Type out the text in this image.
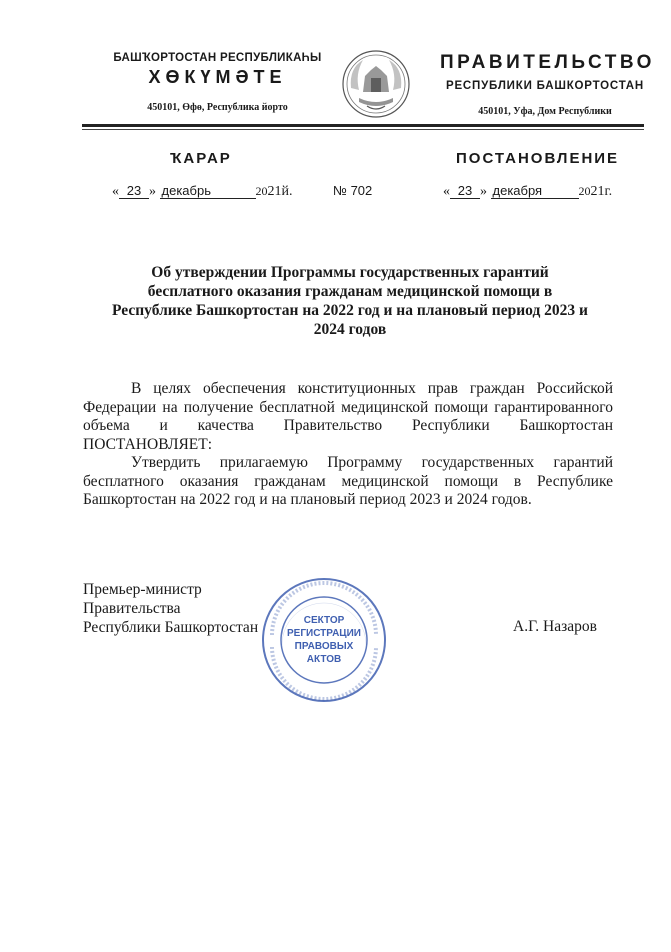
БАШҠОРТОСТАН РЕСПУБЛИКАҺЫ
ХӨКҮМӘТЕ
450101, Өфө, Республика йорто
ПРАВИТЕЛЬСТВО
РЕСПУБЛИКИ БАШКОРТОСТАН
450101, Уфа, Дом Республики
ҠАРАР	ПОСТАНОВЛЕНИЕ
« 23 » декабрь	2021й.	№ 702	« 23 » декабря	2021г.
Об утверждении Программы государственных гарантий бесплатного оказания гражданам медицинской помощи в Республике Башкортостан на 2022 год и на плановый период 2023 и 2024 годов

В целях обеспечения конституционных прав граждан Российской Федерации на получение бесплатной медицинской помощи гарантированного объема и качества Правительство Республики Башкортостан ПОСТАНОВЛЯЕТ:

Утвердить прилагаемую Программу государственных гарантий бесплатного оказания гражданам медицинской помощи в Республике Башкортостан на 2022 год и на плановый период 2023 и 2024 годов.

Премьер-министр
Правительства
Республики Башкортостан	СЕКТОР
РЕГИСТРАЦИИ
ПРАВОВЫХ
АКТОВ
А.Г. Назаров
